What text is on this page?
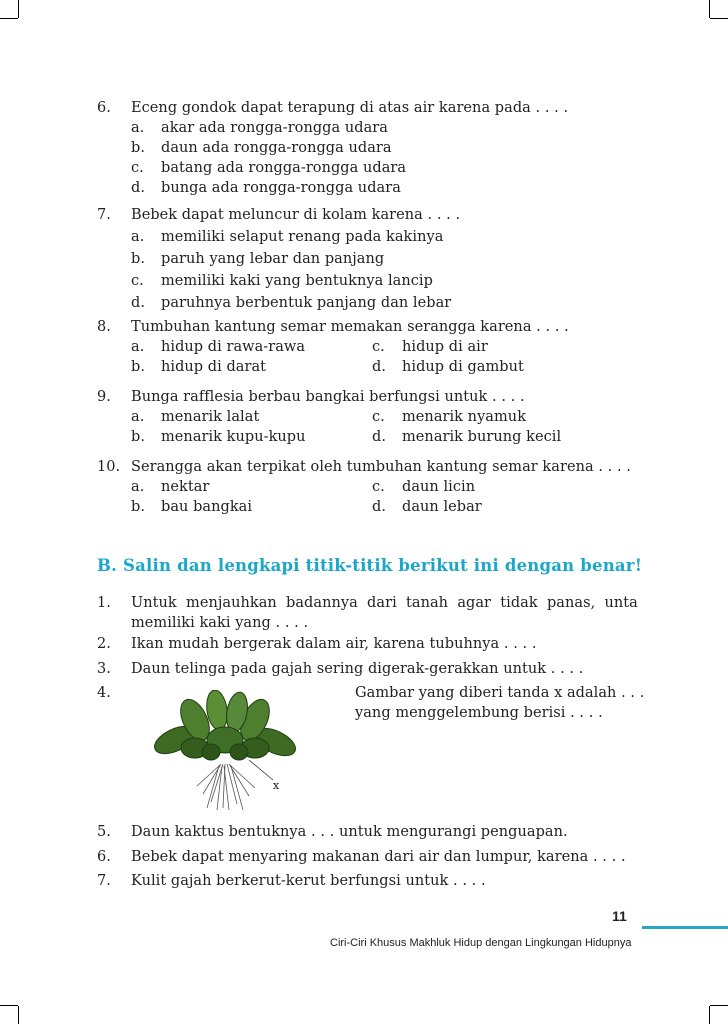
6. Eceng gondok dapat terapung di atas air karena pada . . . .
a. akar ada rongga-rongga udara
b. daun ada rongga-rongga udara
c. batang ada rongga-rongga udara
d. bunga ada rongga-rongga udara
7. Bebek dapat meluncur di kolam karena . . . .
a. memiliki selaput renang pada kakinya
b. paruh yang lebar dan panjang
c. memiliki kaki yang bentuknya lancip
d. paruhnya berbentuk panjang dan lebar
8. Tumbuhan kantung semar memakan serangga karena . . . .
a. hidup di rawa-rawa	c. hidup di air
b. hidup di darat	d. hidup di gambut
9. Bunga rafflesia berbau bangkai berfungsi untuk . . . .
a. menarik lalat	c. menarik nyamuk
b. menarik kupu-kupu	d. menarik burung kecil
10. Serangga akan terpikat oleh tumbuhan kantung semar karena . . . .
a. nektar	c. daun licin
b. bau bangkai	d. daun lebar
B. Salin dan lengkapi titik-titik berikut ini dengan benar!
1. Untuk menjauhkan badannya dari tanah agar tidak panas, unta
memiliki kaki yang . . . .
2. Ikan mudah bergerak dalam air, karena tubuhnya . . . .
3. Daun telinga pada gajah sering digerak-gerakkan untuk . . . .
4.	Gambar yang diberi tanda x adalah . . .
yang menggelembung berisi . . . .
x
5. Daun kaktus bentuknya . . . untuk mengurangi penguapan.
6. Bebek dapat menyaring makanan dari air dan lumpur, karena . . . .
7. Kulit gajah berkerut-kerut berfungsi untuk . . . .
11
Ciri-Ciri Khusus Makhluk Hidup dengan Lingkungan Hidupnya
